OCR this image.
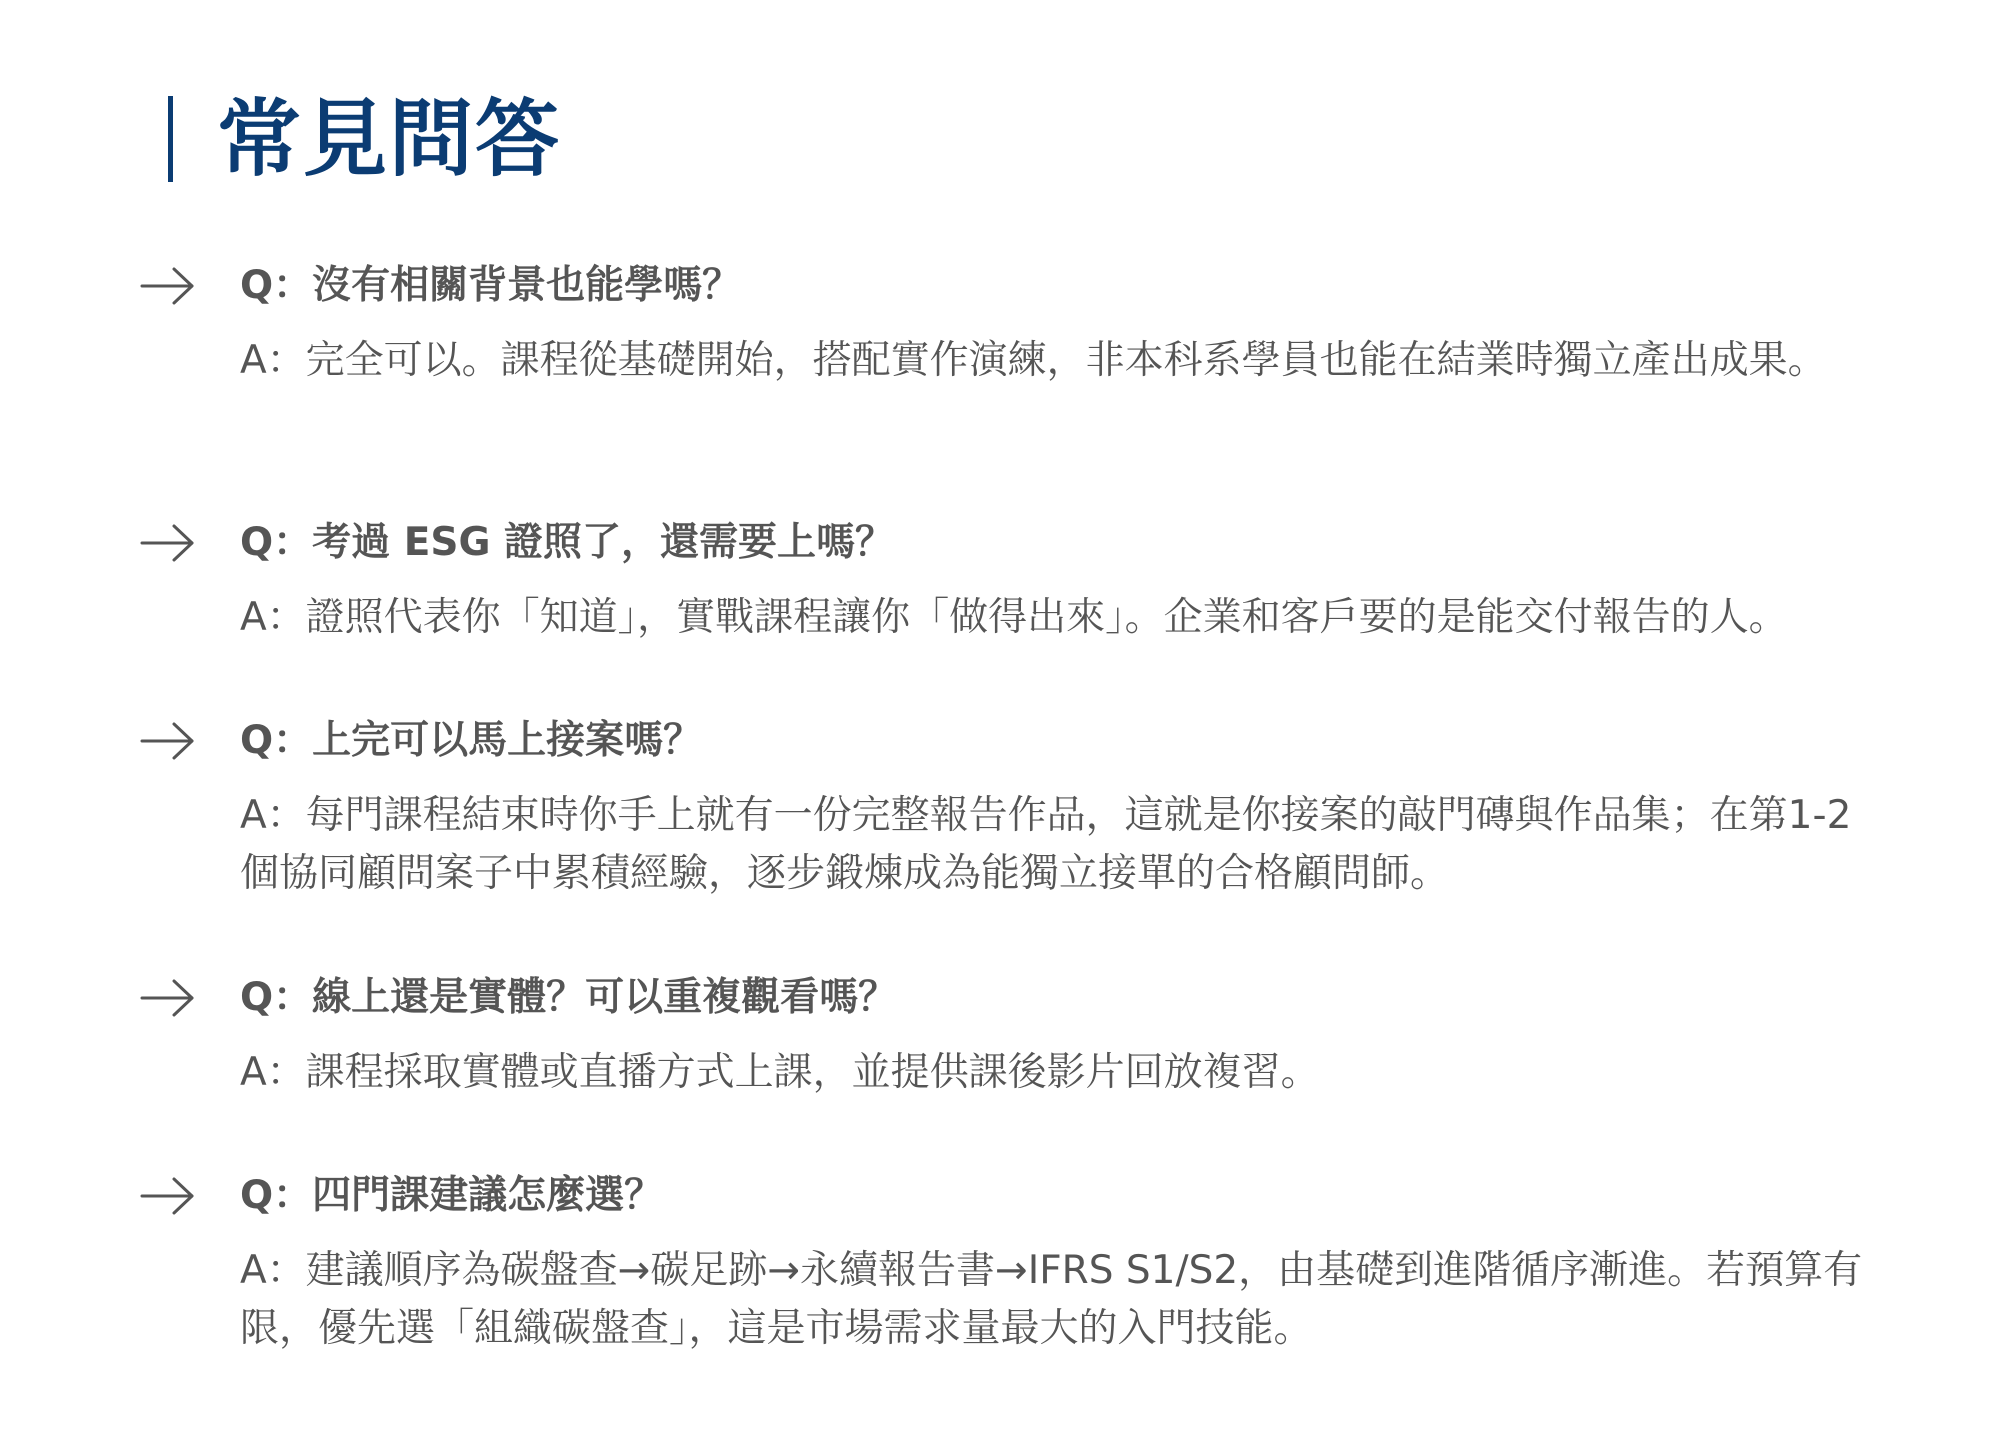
常見問答
Q：沒有相關背景也能學嗎？
A：完全可以。課程從基礎開始，搭配實作演練，非本科系學員也能在結業時獨立產出成果。
Q：考過 ESG 證照了，還需要上嗎？
A：證照代表你「知道」，實戰課程讓你「做得出來」。企業和客戶要的是能交付報告的人。
Q：上完可以馬上接案嗎？
A：每門課程結束時你手上就有一份完整報告作品，這就是你接案的敲門磚與作品集；在第1-2個協同顧問案子中累積經驗，逐步鍛煉成為能獨立接單的合格顧問師。
Q：線上還是實體？可以重複觀看嗎？
A：課程採取實體或直播方式上課，並提供課後影片回放複習。
Q：四門課建議怎麼選？
A：建議順序為碳盤查→碳足跡→永續報告書→IFRS S1/S2，由基礎到進階循序漸進。若預算有限，優先選「組織碳盤查」，這是市場需求量最大的入門技能。
